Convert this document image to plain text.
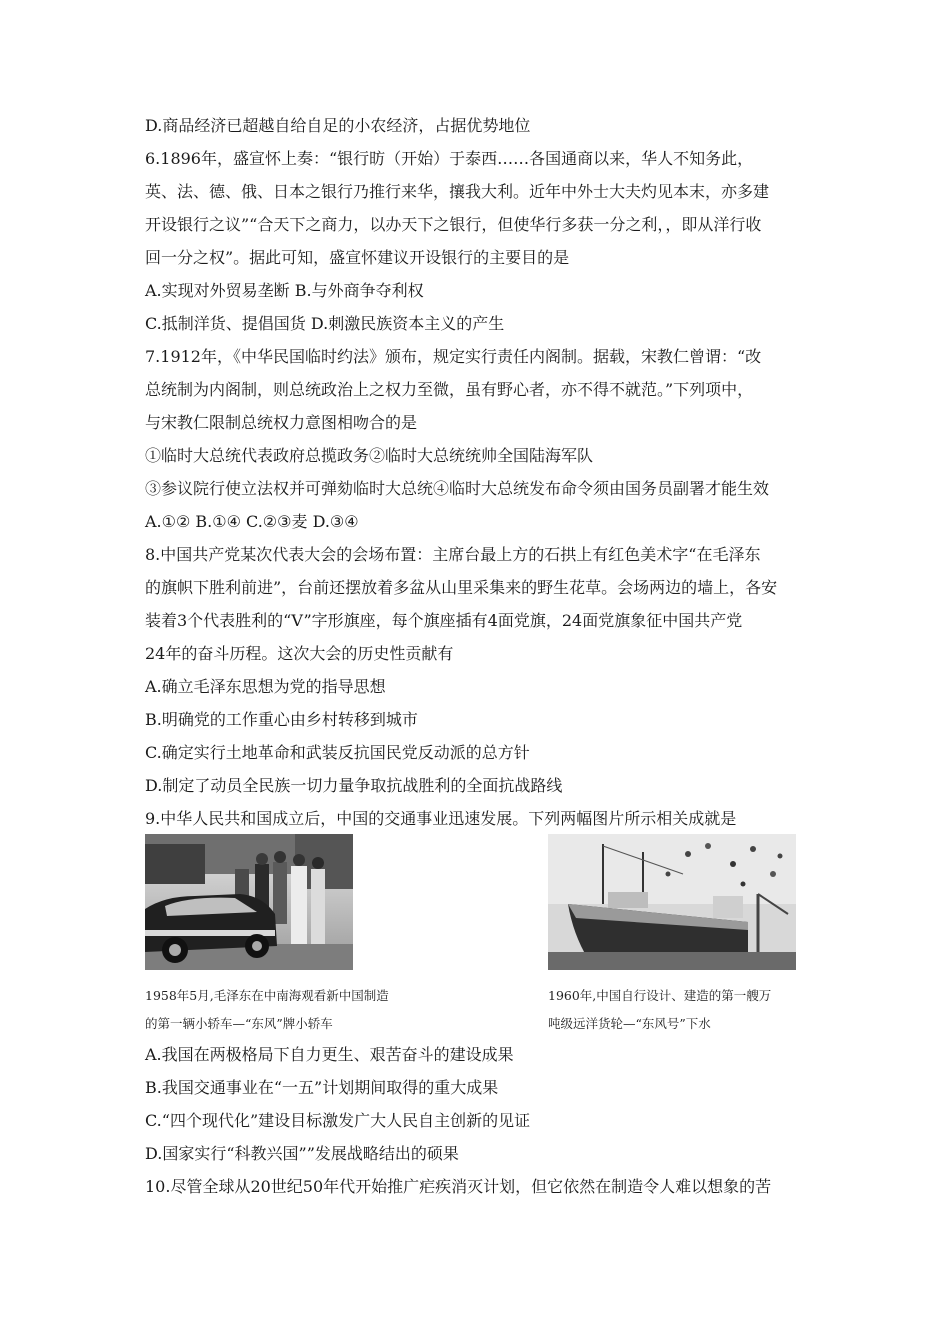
D.商品经济已超越自给自足的小农经济，占据优势地位
6.1896年，盛宣怀上奏：“银行昉（开始）于泰西……各国通商以来，华人不知务此，
英、法、德、俄、日本之银行乃推行来华，攘我大利。近年中外士大夫灼见本末，亦多建
开设银行之议”“合天下之商力，以办天下之银行，但使华行多获一分之利，，即从洋行收
回一分之权”。据此可知，盛宣怀建议开设银行的主要目的是
A.实现对外贸易垄断 B.与外商争夺利权
C.抵制洋货、提倡国货 D.刺激民族资本主义的产生
7.1912年，《中华民国临时约法》颁布，规定实行责任内阁制。据载，宋教仁曾谓：“改
总统制为内阁制，则总统政治上之权力至微，虽有野心者，亦不得不就范。”下列项中，
与宋教仁限制总统权力意图相吻合的是
①临时大总统代表政府总揽政务②临时大总统统帅全国陆海军队
③参议院行使立法权并可弹劾临时大总统④临时大总统发布命令须由国务员副署才能生效
A.①② B.①④ C.②③麦 D.③④
8.中国共产党某次代表大会的会场布置：主席台最上方的石拱上有红色美术字“在毛泽东
的旗帜下胜利前进”，台前还摆放着多盆从山里采集来的野生花草。会场两边的墙上，各安
装着3个代表胜利的“V”字形旗座，每个旗座插有4面党旗，24面党旗象征中国共产党
24年的奋斗历程。这次大会的历史性贡献有
A.确立毛泽东思想为党的指导思想
B.明确党的工作重心由乡村转移到城市
C.确定实行土地革命和武装反抗国民党反动派的总方针
D.制定了动员全民族一切力量争取抗战胜利的全面抗战路线
9.中华人民共和国成立后，中国的交通事业迅速发展。下列两幅图片所示相关成就是
1958年5月,毛泽东在中南海观看新中国制造
的第一辆小轿车—“东风”牌小轿车
1960年,中国自行设计、建造的第一艘万
吨级远洋货轮—“东风号”下水
A.我国在两极格局下自力更生、艰苦奋斗的建设成果
B.我国交通事业在“一五”计划期间取得的重大成果
C.“四个现代化”建设目标激发广大人民自主创新的见证
D.国家实行“科教兴国””发展战略结出的硕果
10.尽管全球从20世纪50年代开始推广疟疾消灭计划，但它依然在制造令人难以想象的苦
